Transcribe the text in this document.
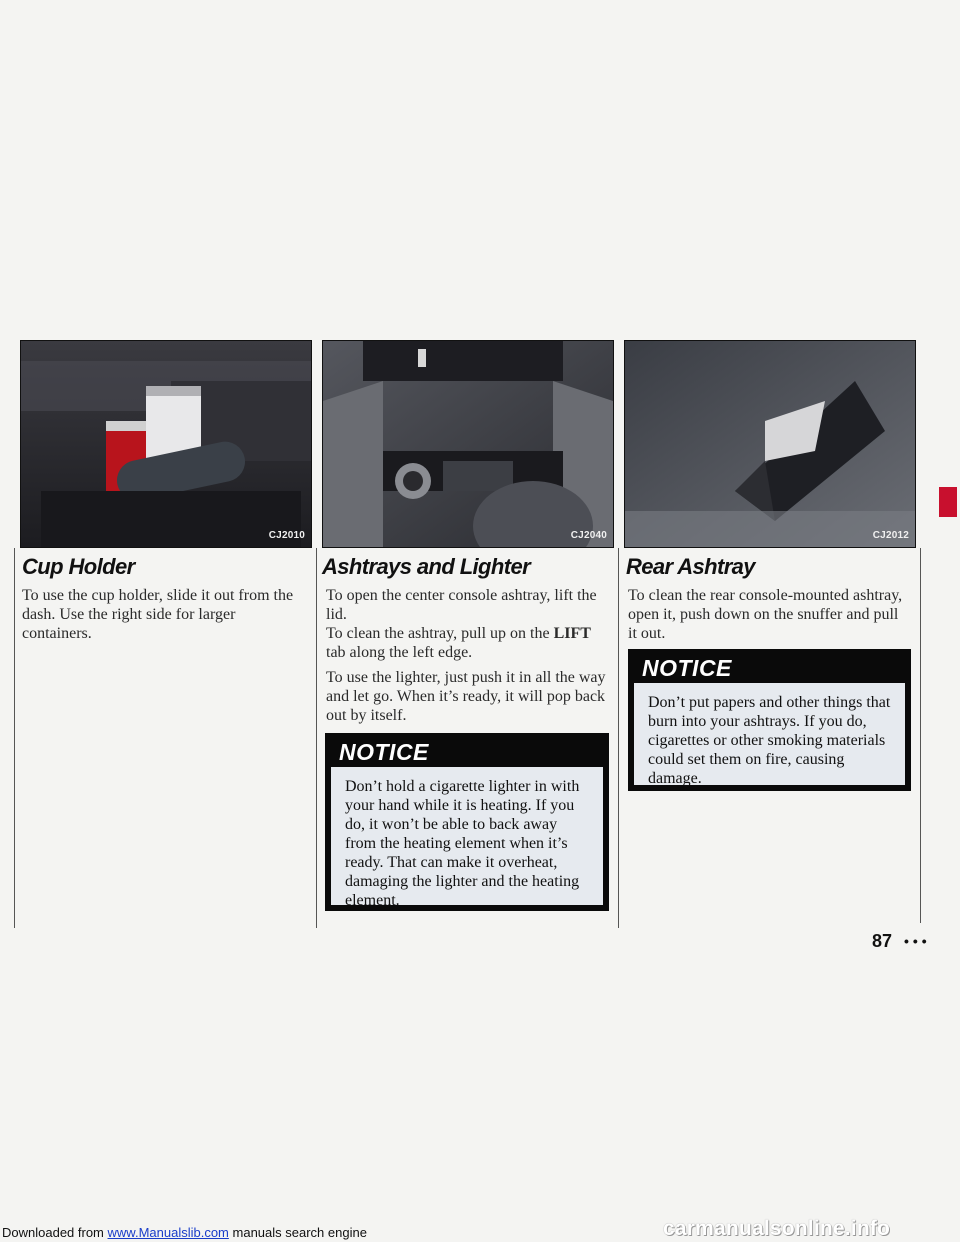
CJ2010	CJ2040	CJ2012
Cup Holder

To use the cup holder, slide it out from the dash. Use the right side for larger containers.

Ashtrays and Lighter

To open the center console ashtray, lift the lid.

To clean the ashtray, pull up on the LIFT tab along the left edge.

To use the lighter, just push it in all the way and let go. When it’s ready, it will pop back out by itself.

NOTICE
Don’t hold a cigarette lighter in with your hand while it is heating. If you do, it won’t be able to back away from the heating element when it’s ready. That can make it overheat, damaging the lighter and the heating element.
Rear Ashtray

To clean the rear console-mounted ashtray, open it, push down on the snuffer and pull it out.

NOTICE
Don’t put papers and other things that burn into your ashtrays. If you do, cigarettes or other smoking materials could set them on fire, causing damage.
87 •••
Downloaded from www.Manualslib.com manuals search engine	carmanualsonline.info
